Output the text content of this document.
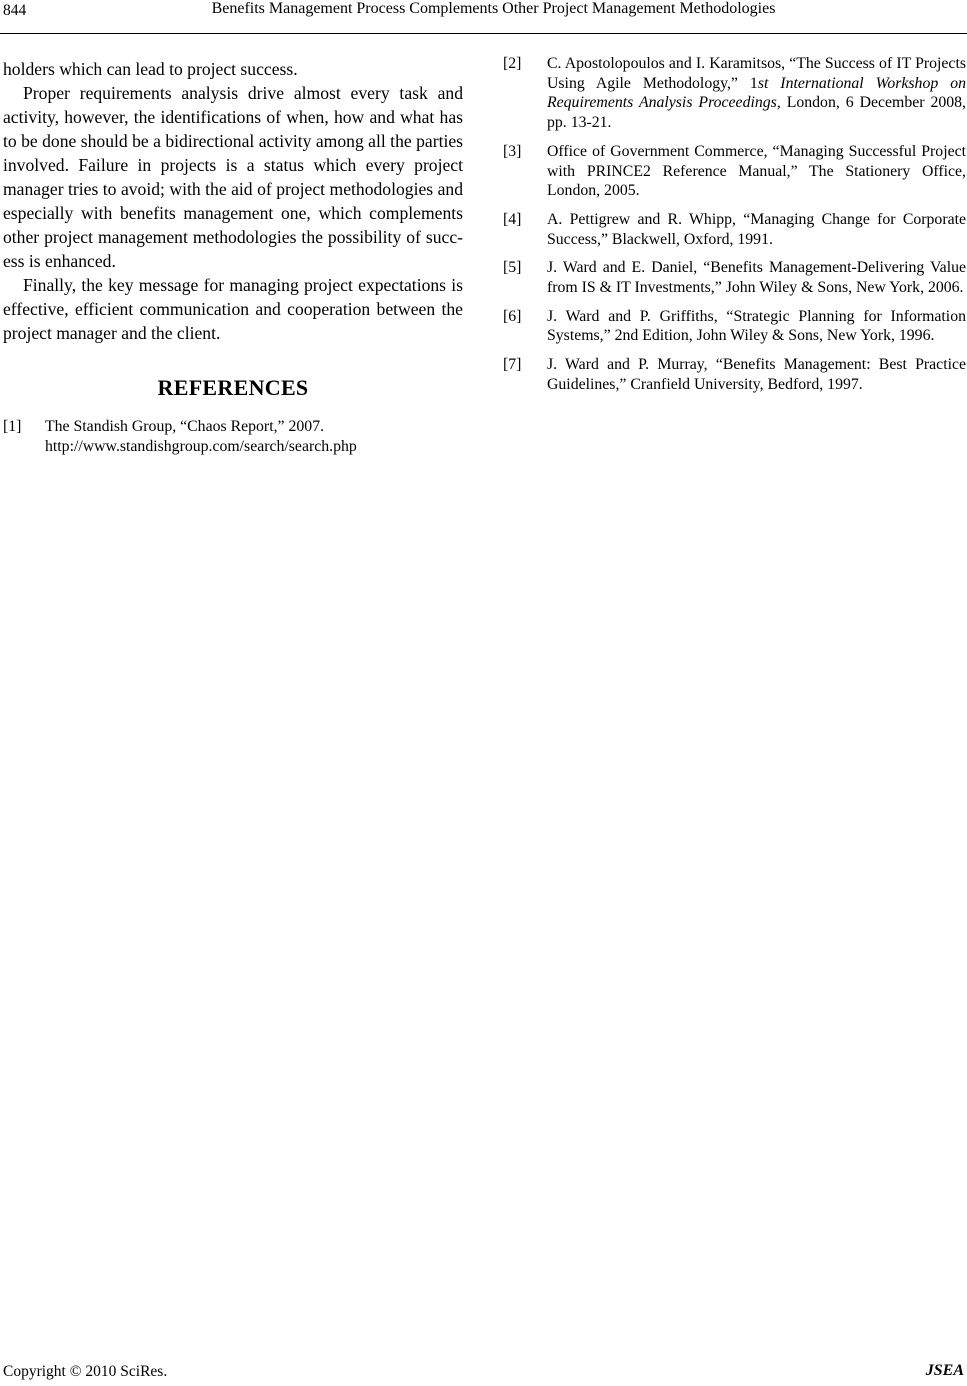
844	Benefits Management Process Complements Other Project Management Methodologies

holders which can lead to project success.

Proper requirements analysis drive almost every task and activity, however, the identifications of when, how and what has to be done should be a bidirectional activity among all the parties involved. Failure in projects is a status which every project manager tries to avoid; with the aid of project methodologies and especially with benefits management one, which complements other project management methodologies the possibility of success is enhanced.

Finally, the key message for managing project expectations is effective, efficient communication and cooperation between the project manager and the client.

REFERENCES
[1]	The Standish Group, “Chaos Report,” 2007.
http://www.standishgroup.com/search/search.php
[2]	C. Apostolopoulos and I. Karamitsos, “The Success of IT Projects Using Agile Methodology,” 1st International Workshop on Requirements Analysis Proceedings, London, 6 December 2008, pp. 13-21.
[3]	Office of Government Commerce, “Managing Successful Project with PRINCE2 Reference Manual,” The Stationery Office, London, 2005.
[4]	A. Pettigrew and R. Whipp, “Managing Change for Corporate Success,” Blackwell, Oxford, 1991.
[5]	J. Ward and E. Daniel, “Benefits Management-Delivering Value from IS & IT Investments,” John Wiley & Sons, New York, 2006.
[6]	J. Ward and P. Griffiths, “Strategic Planning for Information Systems,” 2nd Edition, John Wiley & Sons, New York, 1996.
[7]	J. Ward and P. Murray, “Benefits Management: Best Practice Guidelines,” Cranfield University, Bedford, 1997.
Copyright © 2010 SciRes.	JSEA
